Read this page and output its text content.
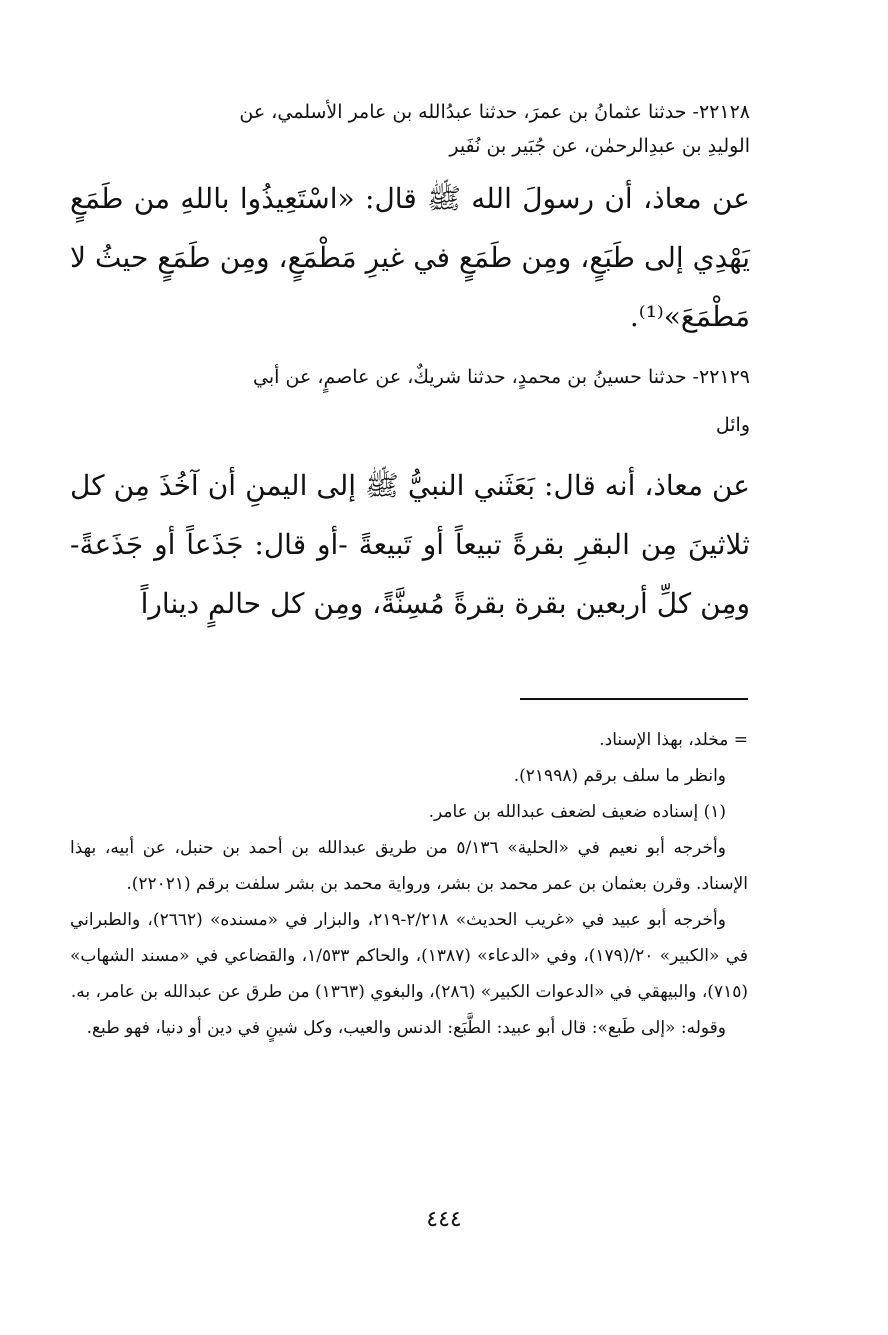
٢٢١٢٨- حدثنا عثمانُ بن عمرَ، حدثنا عبدُالله بن عامر الأسلمي، عن

الوليدِ بن عبدِالرحمٰن، عن جُبَير بن نُفَير

عن معاذ، أن رسولَ الله ﷺ قال: «اسْتَعِيذُوا باللهِ من طَمَعٍ يَهْدِي إلى طَبَعٍ، ومِن طَمَعٍ في غيرِ مَطْمَعٍ، ومِن طَمَعٍ حيثُ لا مَطْمَعَ»⁽¹⁾.

٢٢١٢٩- حدثنا حسينُ بن محمدٍ، حدثنا شريكٌ، عن عاصمٍ، عن أبي

وائل

عن معاذ، أنه قال: بَعَثَني النبيُّ ﷺ إلى اليمنِ أن آخُذَ مِن كل ثلاثينَ مِن البقرِ بقرةً تبيعاً أو تَبيعةً -أو قال: جَذَعاً أو جَذَعةً- ومِن كلِّ أربعين بقرة بقرةً مُسِنَّةً، ومِن كل حالمٍ ديناراً

= مخلد، بهذا الإسناد.

وانظر ما سلف برقم (٢١٩٩٨).

(١) إسناده ضعيف لضعف عبدالله بن عامر.

وأخرجه أبو نعيم في «الحلية» ٥/١٣٦ من طريق عبدالله بن أحمد بن حنبل، عن أبيه، بهذا الإسناد. وقرن بعثمان بن عمر محمد بن بشر، ورواية محمد بن بشر سلفت برقم (٢٢٠٢١).

وأخرجه أبو عبيد في «غريب الحديث» ٢/٢١٨-٢١٩، والبزار في «مسنده» (٢٦٦٢)، والطبراني في «الكبير» ٢٠/(١٧٩)، وفي «الدعاء» (١٣٨٧)، والحاكم ١/٥٣٣، والقضاعي في «مسند الشهاب» (٧١٥)، والبيهقي في «الدعوات الكبير» (٢٨٦)، والبغوي (١٣٦٣) من طرق عن عبدالله بن عامر، به.

وقوله: «إلى طَبع»: قال أبو عبيد: الطَّبَع: الدنس والعيب، وكل شينٍ في دين أو دنيا، فهو طبع.

٤٤٤
